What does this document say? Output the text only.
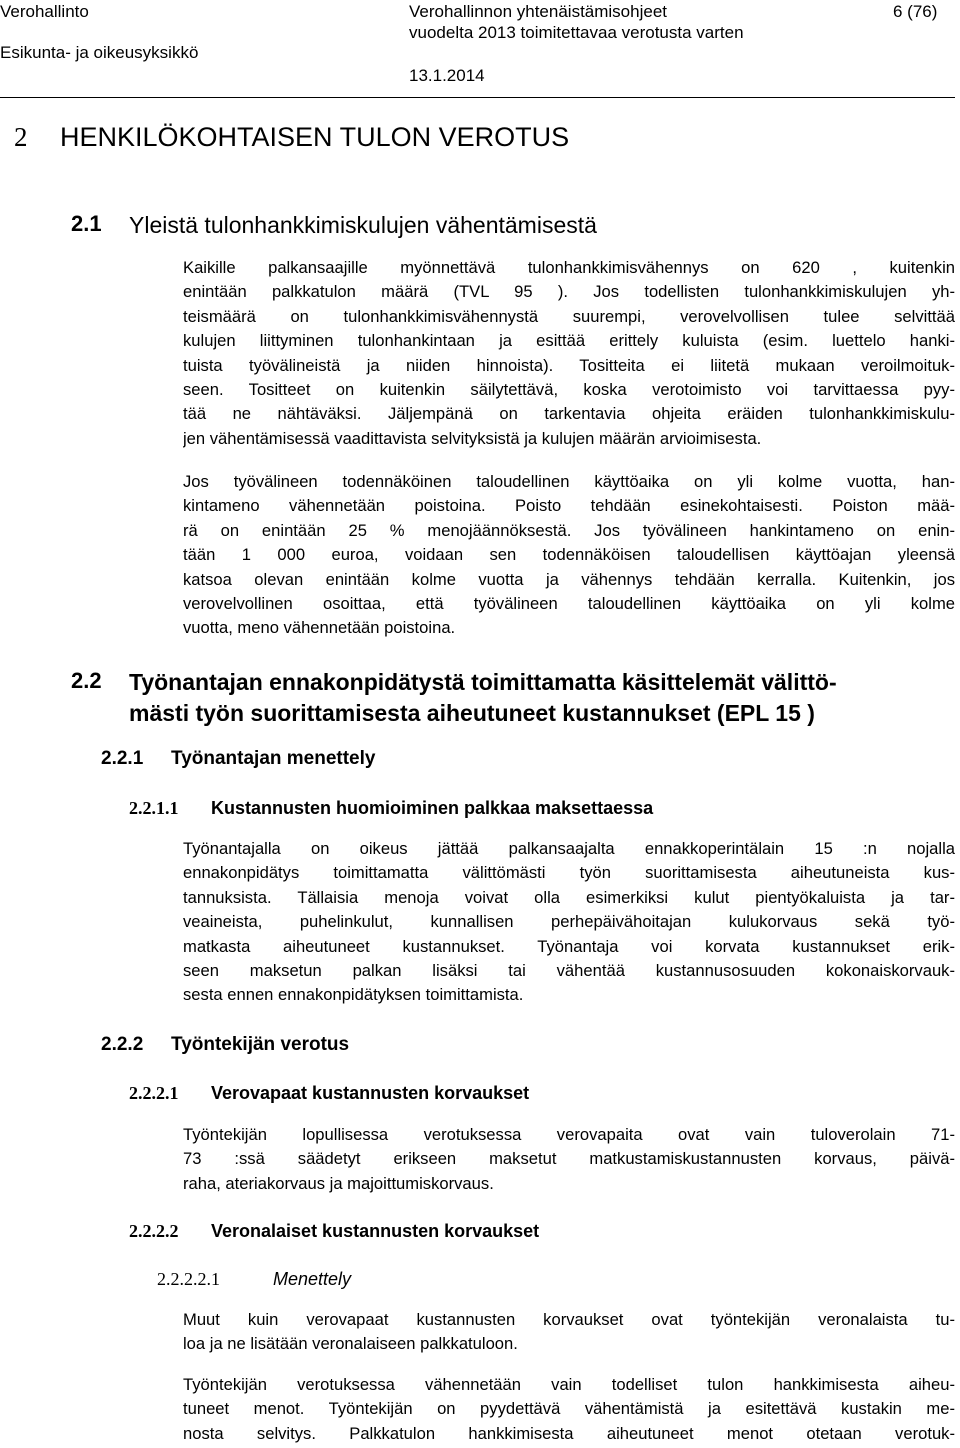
Verohallinto
Esikunta- ja oikeusyksikkö
Verohallinnon yhtenäistämisohjeet
vuodelta 2013 toimitettavaa verotusta varten
13.1.2014
6 (76)
2 HENKILÖKOHTAISEN TULON VEROTUS
2.1 Yleistä tulonhankkimiskulujen vähentämisestä
Kaikille palkansaajille myönnettävä tulonhankkimisvähennys on 620 , kuitenkin
enintään palkkatulon määrä (TVL 95 ). Jos todellisten tulonhankkimiskulujen yh-
teismäärä on tulonhankkimisvähennystä suurempi, verovelvollisen tulee selvittää
kulujen liittyminen tulonhankintaan ja esittää erittely kuluista (esim. luettelo hanki-
tuista työvälineistä ja niiden hinnoista). Tositteita ei liitetä mukaan veroilmoituk-
seen. Tositteet on kuitenkin säilytettävä, koska verotoimisto voi tarvittaessa pyy-
tää ne nähtäväksi. Jäljempänä on tarkentavia ohjeita eräiden tulonhankkimiskulu-
jen vähentämisessä vaadittavista selvityksistä ja kulujen määrän arvioimisesta.
Jos työvälineen todennäköinen taloudellinen käyttöaika on yli kolme vuotta, han-
kintameno vähennetään poistoina. Poisto tehdään esinekohtaisesti. Poiston mää-
rä on enintään 25 % menojäännöksestä. Jos työvälineen hankintameno on enin-
tään 1 000 euroa, voidaan sen todennäköisen taloudellisen käyttöajan yleensä
katsoa olevan enintään kolme vuotta ja vähennys tehdään kerralla. Kuitenkin, jos
verovelvollinen osoittaa, että työvälineen taloudellinen käyttöaika on yli kolme
vuotta, meno vähennetään poistoina.
2.2 Työnantajan ennakonpidätystä toimittamatta käsittelemät välittö-
mästi työn suorittamisesta aiheutuneet kustannukset (EPL 15 )
2.2.1 Työnantajan menettely
2.2.1.1 Kustannusten huomioiminen palkkaa maksettaessa
Työnantajalla on oikeus jättää palkansaajalta ennakkoperintälain 15 :n nojalla
ennakonpidätys toimittamatta välittömästi työn suorittamisesta aiheutuneista kus-
tannuksista. Tällaisia menoja voivat olla esimerkiksi kulut pientyökaluista ja tar-
veaineista, puhelinkulut, kunnallisen perhepäivähoitajan kulukorvaus sekä työ-
matkasta aiheutuneet kustannukset. Työnantaja voi korvata kustannukset erik-
seen maksetun palkan lisäksi tai vähentää kustannusosuuden kokonaiskorvauk-
sesta ennen ennakonpidätyksen toimittamista.
2.2.2 Työntekijän verotus
2.2.2.1 Verovapaat kustannusten korvaukset
Työntekijän lopullisessa verotuksessa verovapaita ovat vain tuloverolain 71-
73 :ssä säädetyt erikseen maksetut matkustamiskustannusten korvaus, päivä-
raha, ateriakorvaus ja majoittumiskorvaus.
2.2.2.2 Veronalaiset kustannusten korvaukset
2.2.2.2.1	Menettely
Muut kuin verovapaat kustannusten korvaukset ovat työntekijän veronalaista tu-
loa ja ne lisätään veronalaiseen palkkatuloon.
Työntekijän verotuksessa vähennetään vain todelliset tulon hankkimisesta aiheu-
tuneet menot. Työntekijän on pyydettävä vähentämistä ja esitettävä kustakin me-
nosta selvitys. Palkkatulon hankkimisesta aiheutuneet menot otetaan verotuk-
